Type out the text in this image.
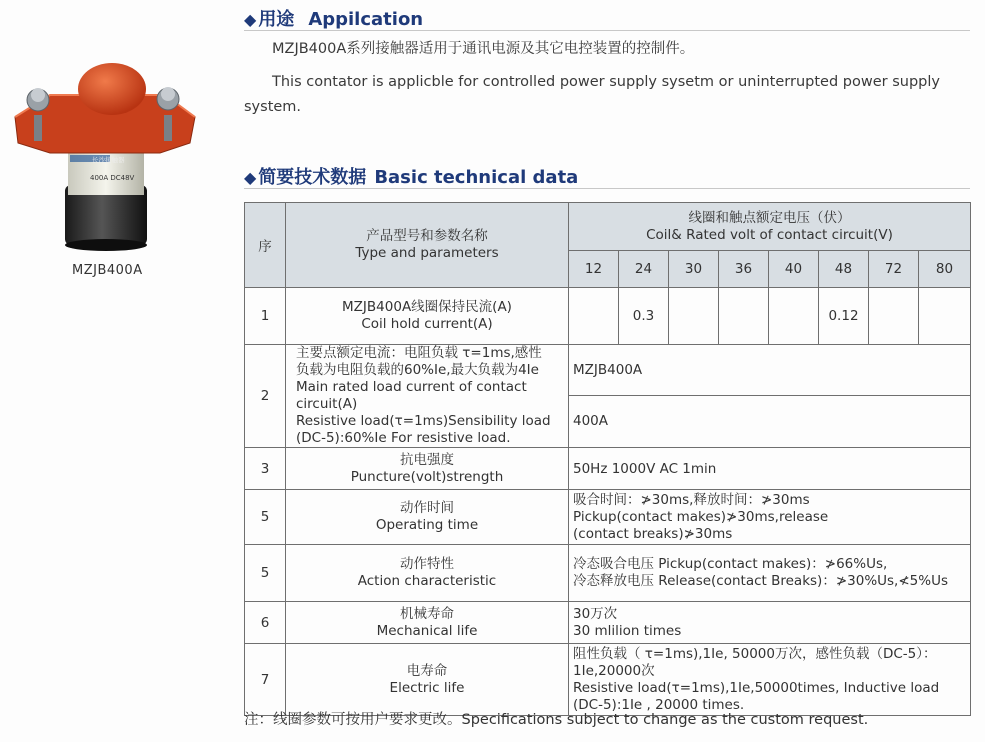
400A DC48V
长沙接触器
MZJB400A
◆ 用途 Appilcation
MZJB400A系列接触器适用于通讯电源及其它电控装置的控制件。
This contator is applicble for controlled power supply sysetm or uninterrupted power supply system.
◆ 简要技术数据 Basic technical data
序	产品型号和参数名称
Type and parameters	线圈和触点额定电压（伏）
Coil& Rated volt of contact circuit(V)							

		12	24	30	36	40	48	72	80
1	MZJB400A线圈保持民流(A)
Coil hold current(A)		0.3				0.12		
2	主要点额定电流：电阻负载 τ=1ms,感性
负载为电阻负载的60%Ie,最大负载为4Ie
Main rated load current of contact circuit(A)
Resistive load(τ=1ms)Sensibility load
(DC-5):60%Ie For resistive load.	MZJB400A							
		400A							
3	抗电强度
Puncture(volt)strength	50Hz 1000V AC 1min							
5	动作时间
Operating time	吸合时间：≯30ms,释放时间：≯30ms
Pickup(contact makes)≯30ms,release
(contact breaks)≯30ms							

5	动作特性
Action characteristic	冷态吸合电压 Pickup(contact makes)：≯66%Us,
冷态释放电压 Release(contact Breaks)：≯30%Us,≮5%Us							

6	机械寿命
Mechanical life	30万次
30 mlilion times							

7	电寿命
Electric life	阻性负载（ τ=1ms),1Ie, 50000万次，感性负载（DC-5）：
1Ie,20000次
Resistive load(τ=1ms),1Ie,50000times, Inductive load
(DC-5):1Ie , 20000 times.							
注：线圈参数可按用户要求更改。Specifications subject to change as the custom request.
